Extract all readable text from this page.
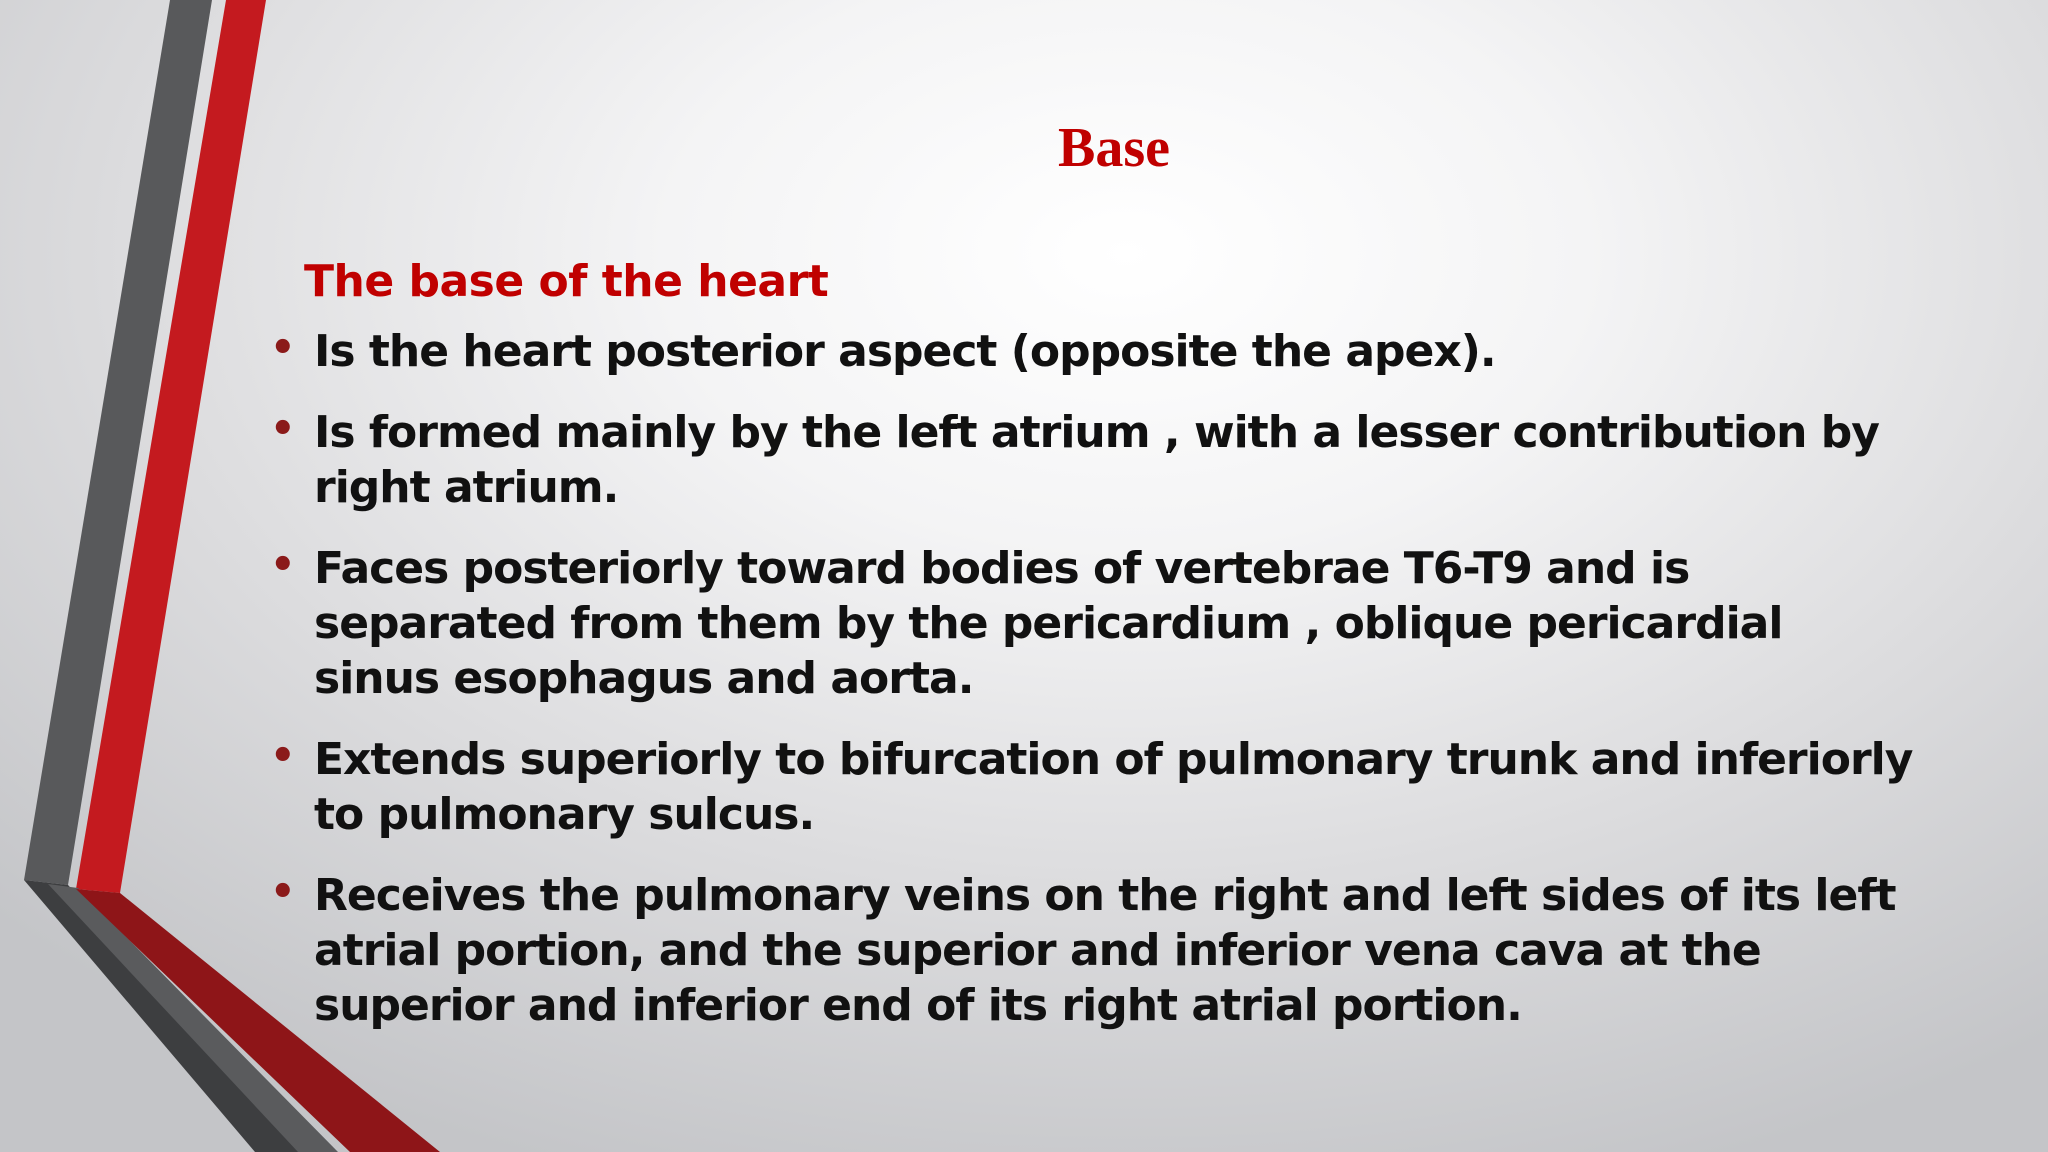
Base
The base of the heart
• Is the heart posterior aspect (opposite the apex).
• Is formed mainly by the left atrium , with a lesser contribution by right atrium.
• Faces posteriorly toward bodies of vertebrae T6-T9 and is separated from them by the pericardium , oblique pericardial sinus esophagus and aorta.
• Extends superiorly to bifurcation of pulmonary trunk and inferiorly to pulmonary sulcus.
• Receives the pulmonary veins on the right and left sides of its left atrial portion, and the superior and inferior vena cava at the superior and inferior end of its right atrial portion.
